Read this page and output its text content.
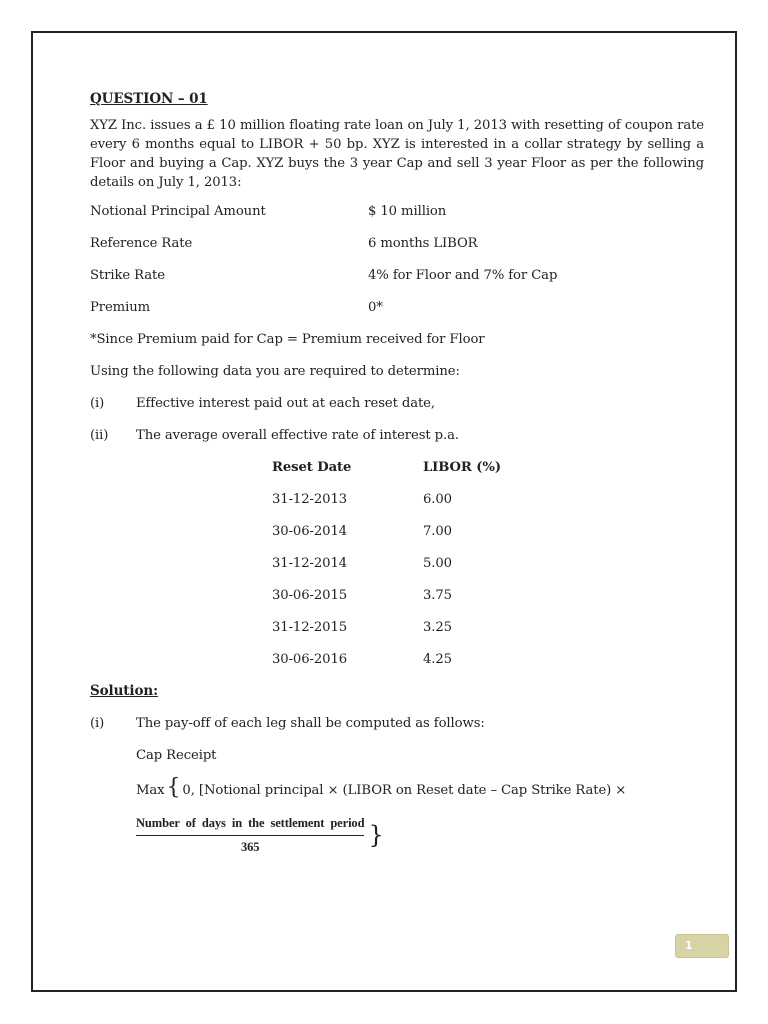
QUESTION – 01

XYZ Inc. issues a £ 10 million floating rate loan on July 1, 2013 with resetting of coupon rate every 6 months equal to LIBOR + 50 bp. XYZ is interested in a collar strategy by selling a Floor and buying a Cap. XYZ buys the 3 year Cap and sell 3 year Floor as per the following details on July 1, 2013:

Notional Principal Amount	$ 10 million
Reference Rate	6 months LIBOR
Strike Rate	4% for Floor and 7% for Cap
Premium	0*
*Since Premium paid for Cap = Premium received for Floor
Using the following data you are required to determine:
(i)	Effective interest paid out at each reset date,
(ii)	The average overall effective rate of interest p.a.
Reset Date	LIBOR (%)
31-12-2013	6.00
30-06-2014	7.00
31-12-2014	5.00
30-06-2015	3.75
31-12-2015	3.25
30-06-2016	4.25
Solution:
(i)	The pay-off of each leg shall be computed as follows:
Cap Receipt
Max { 0, [Notional principal × (LIBOR on Reset date – Cap Strike Rate) ×
$\frac{\text{Number of days in the settlement period}}{365}$ }
1
